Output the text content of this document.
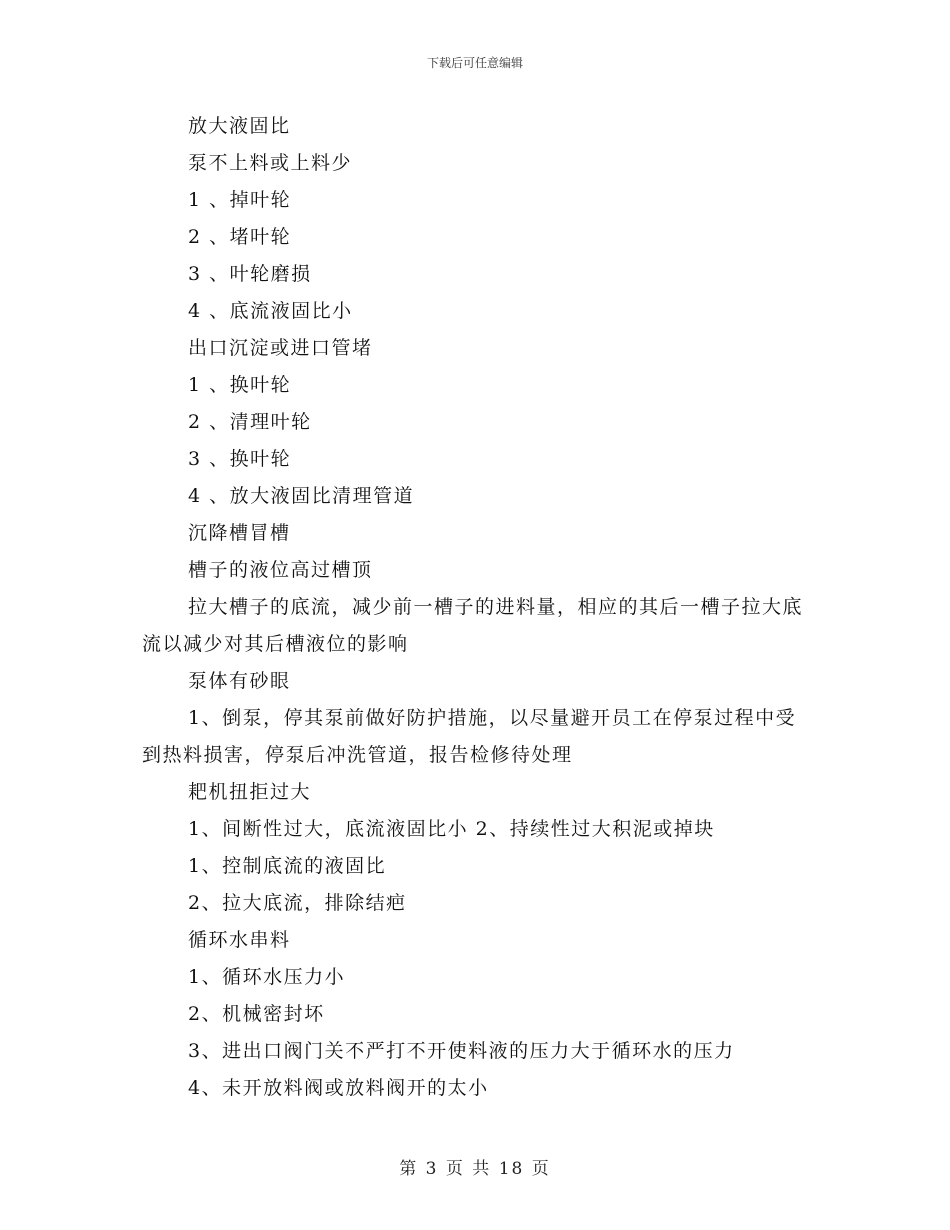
下载后可任意编辑

放大液固比

泵不上料或上料少

1 、掉叶轮

2 、堵叶轮

3 、叶轮磨损

4 、底流液固比小

出口沉淀或进口管堵

1 、换叶轮

2 、清理叶轮

3 、换叶轮

4 、放大液固比清理管道

沉降槽冒槽

槽子的液位高过槽顶

拉大槽子的底流，减少前一槽子的进料量，相应的其后一槽子拉大底流以减少对其后槽液位的影响

泵体有砂眼

1、倒泵，停其泵前做好防护措施，以尽量避开员工在停泵过程中受到热料损害，停泵后冲洗管道，报告检修待处理

耙机扭拒过大

1、间断性过大，底流液固比小 2、持续性过大积泥或掉块

1、控制底流的液固比

2、拉大底流，排除结疤

循环水串料

1、循环水压力小

2、机械密封坏

3、进出口阀门关不严打不开使料液的压力大于循环水的压力

4、未开放料阀或放料阀开的太小

第 3 页 共 18 页
